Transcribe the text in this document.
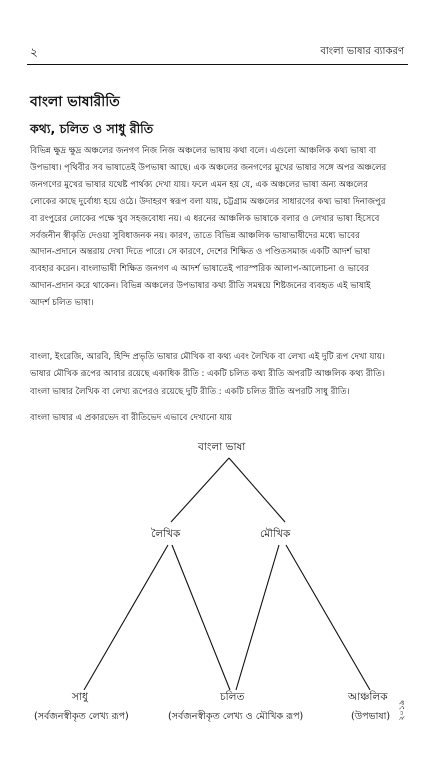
২	বাংলা ভাষার ব্যাকরণ
বাংলা ভাষারীতি
কথ্য, চলিত ও সাধু রীতি
বিভিন্ন ক্ষুদ্র ক্ষুদ্র অঞ্চলের জনগণ নিজ নিজ অঞ্চলের ভাষায় কথা বলে। এগুলো আঞ্চলিক কথ্য ভাষা বা
উপভাষা। পৃথিবীর সব ভাষাতেই উপভাষা আছে। এক অঞ্চলের জনগণের মুখের ভাষার সঙ্গে অপর অঞ্চলের
জনগণের মুখের ভাষার যথেষ্ট পার্থক্য দেখা যায়। ফলে এমন হয় যে, এক অঞ্চলের ভাষা অন্য অঞ্চলের
লোকের কাছে দুর্বোধ্য হয়ে ওঠে। উদাহরণ স্বরূপ বলা যায়, চট্টগ্রাম অঞ্চলের সাধারণের কথ্য ভাষা দিনাজপুর
বা রংপুরের লোকের পক্ষে খুব সহজবোধ্য নয়। এ ধরনের আঞ্চলিক ভাষাকে বলার ও লেখার ভাষা হিসেবে
সর্বজনীন স্বীকৃতি দেওয়া সুবিধাজনক নয়। কারণ, তাতে বিভিন্ন আঞ্চলিক ভাষাভাষীদের মধ্যে ভাবের
আদান-প্রদানে অন্তরায় দেখা দিতে পারে। সে কারণে, দেশের শিক্ষিত ও পণ্ডিতসমাজ একটি আদর্শ ভাষা
ব্যবহার করেন। বাংলাভাষী শিক্ষিত জনগণ এ আদর্শ ভাষাতেই পারস্পরিক আলাপ-আলোচনা ও ভাবের
আদান-প্রদান করে থাকেন। বিভিন্ন অঞ্চলের উপভাষার কথ্য রীতি সমন্বয়ে শিষ্টজনের ব্যবহৃত এই ভাষাই
আদর্শ চলিত ভাষা।
বাংলা, ইংরেজি, আরবি, হিন্দি প্রভৃতি ভাষার মৌখিক বা কথ্য এবং লৈখিক বা লেখ্য এই দুটি রূপ দেখা যায়।
ভাষার মৌখিক রূপের আবার রয়েছে একাধিক রীতি : একটি চলিত কথ্য রীতি অপরটি আঞ্চলিক কথ্য রীতি।
বাংলা ভাষার লৈখিক বা লেখ্য রূপেরও রয়েছে দুটি রীতি : একটি চলিত রীতি অপরটি সাধু রীতি।
বাংলা ভাষার এ প্রকারভেদ বা রীতিভেদ এভাবে দেখানো যায়
বাংলা ভাষা
লৈখিক	মৌখিক
সাধু
(সর্বজনস্বীকৃত লেখ্য রূপ)
চলিত
(সর্বজনস্বীকৃত লেখ্য ও মৌখিক রূপ)
আঞ্চলিক
(উপভাষা) ২০১৯
